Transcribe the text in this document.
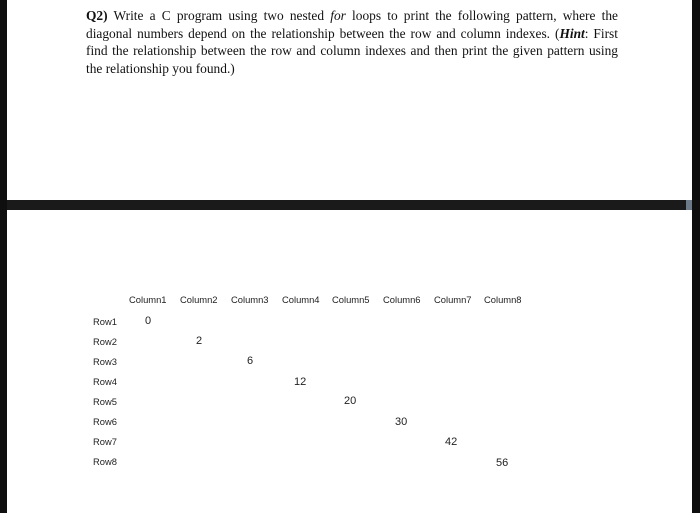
Q2) Write a C program using two nested for loops to print the following pattern, where the diagonal numbers depend on the relationship between the row and column indexes. (Hint: First find the relationship between the row and column indexes and then print the given pattern using the relationship you found.)

Column1 Column2 Column3 Column4 Column5 Column6 Column7 Column8
Row1
Row2
Row3
Row4
Row5
Row6
Row7
Row8
0
2
6
12
20
30
42
56
